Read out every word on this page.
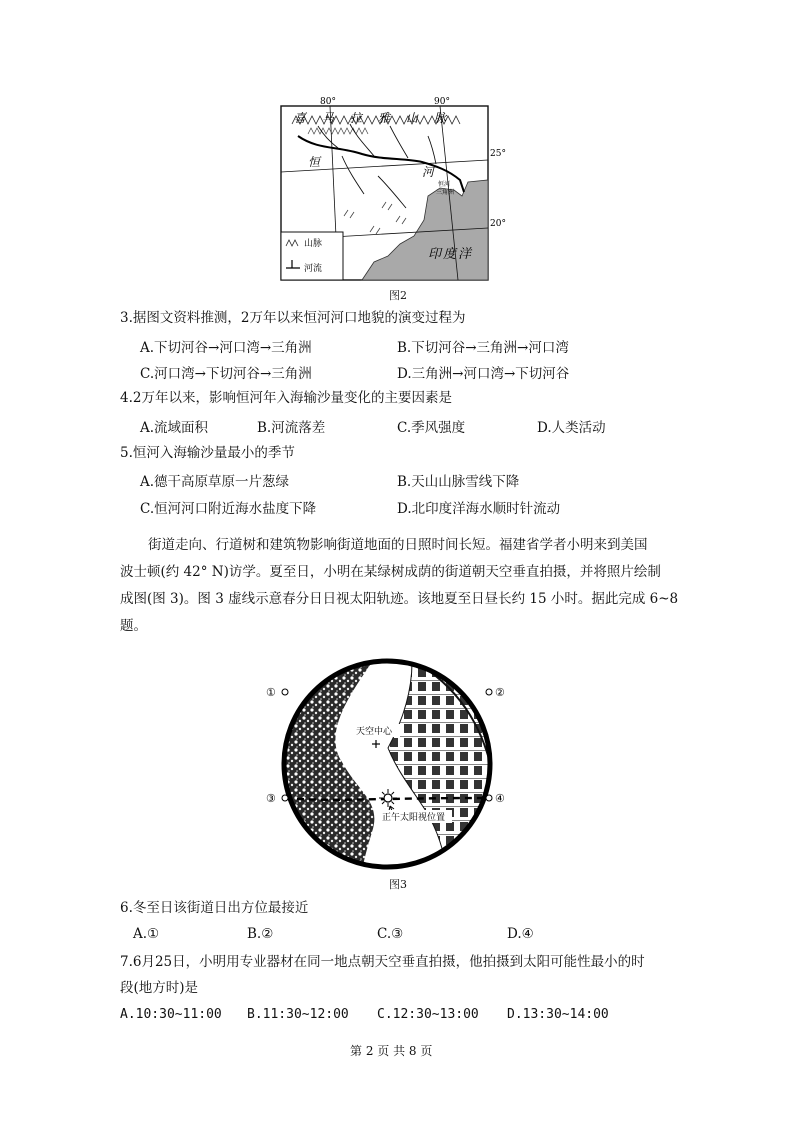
80°	90°
25°
20°
喜马拉雅山脉
恒
河
恒河
三角洲
印度洋
山脉
河流
图2
3.据图文资料推测，2万年以来恒河河口地貌的演变过程为
A.下切河谷→河口湾→三角洲	B.下切河谷→三角洲→河口湾
C.河口湾→下切河谷→三角洲	D.三角洲→河口湾→下切河谷
4.2万年以来，影响恒河年入海输沙量变化的主要因素是
A.流域面积	B.河流落差	C.季风强度	D.人类活动
5.恒河入海输沙量最小的季节
A.德干高原草原一片葱绿	B.天山山脉雪线下降
C.恒河河口附近海水盐度下降	D.北印度洋海水顺时针流动
街道走向、行道树和建筑物影响街道地面的日照时间长短。福建省学者小明来到美国
波士顿(约 42° N)访学。夏至日，小明在某绿树成荫的街道朝天空垂直拍摄，并将照片绘制
成图(图 3)。图 3 虚线示意春分日日视太阳轨迹。该地夏至日昼长约 15 小时。据此完成 6~8
题。
①	②
③	④
天空中心
正午太阳视位置
图3
6.冬至日该街道日出方位最接近
A.①	B.②	C.③	D.④
7.6月25日，小明用专业器材在同一地点朝天空垂直拍摄，他拍摄到太阳可能性最小的时
段(地方时)是
A.10:30~11:00 B.11:30~12:00 C.12:30~13:00 D.13:30~14:00
第 2 页 共 8 页
